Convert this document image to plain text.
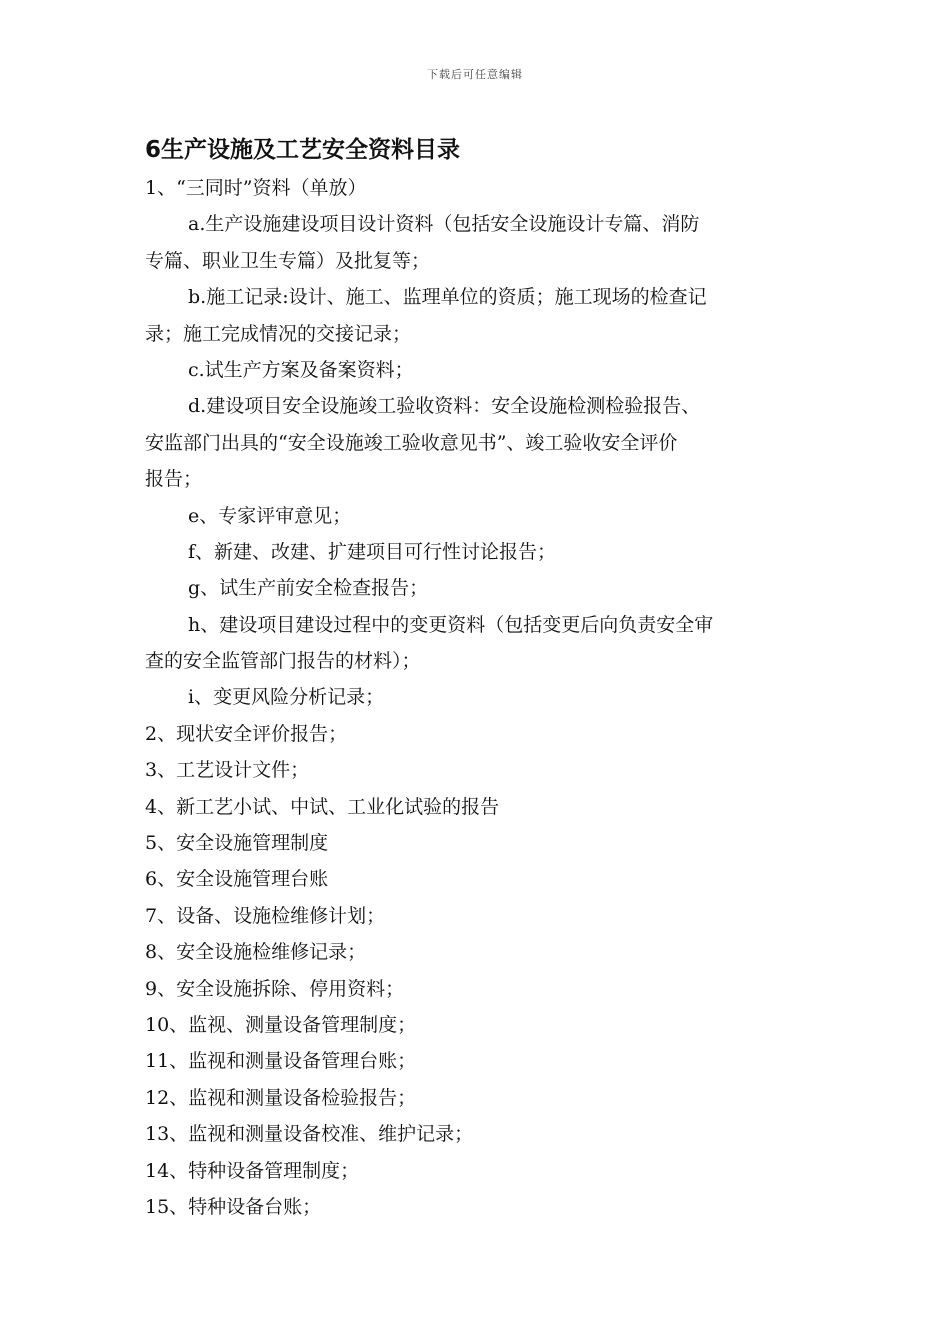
下载后可任意编辑
6生产设施及工艺安全资料目录
1、“三同时”资料（单放）
a.生产设施建设项目设计资料（包括安全设施设计专篇、消防
专篇、职业卫生专篇）及批复等；
b.施工记录:设计、施工、监理单位的资质；施工现场的检查记
录；施工完成情况的交接记录；
c.试生产方案及备案资料；
d.建设项目安全设施竣工验收资料：安全设施检测检验报告、
安监部门出具的“安全设施竣工验收意见书”、竣工验收安全评价
报告；
e、专家评审意见；
f、新建、改建、扩建项目可行性讨论报告；
g、试生产前安全检查报告；
h、建设项目建设过程中的变更资料（包括变更后向负责安全审
查的安全监管部门报告的材料）；
i、变更风险分析记录；
2、现状安全评价报告；
3、工艺设计文件；
4、新工艺小试、中试、工业化试验的报告
5、安全设施管理制度
6、安全设施管理台账
7、设备、设施检维修计划；
8、安全设施检维修记录；
9、安全设施拆除、停用资料；
10、监视、测量设备管理制度；
11、监视和测量设备管理台账；
12、监视和测量设备检验报告；
13、监视和测量设备校准、维护记录；
14、特种设备管理制度；
15、特种设备台账；
